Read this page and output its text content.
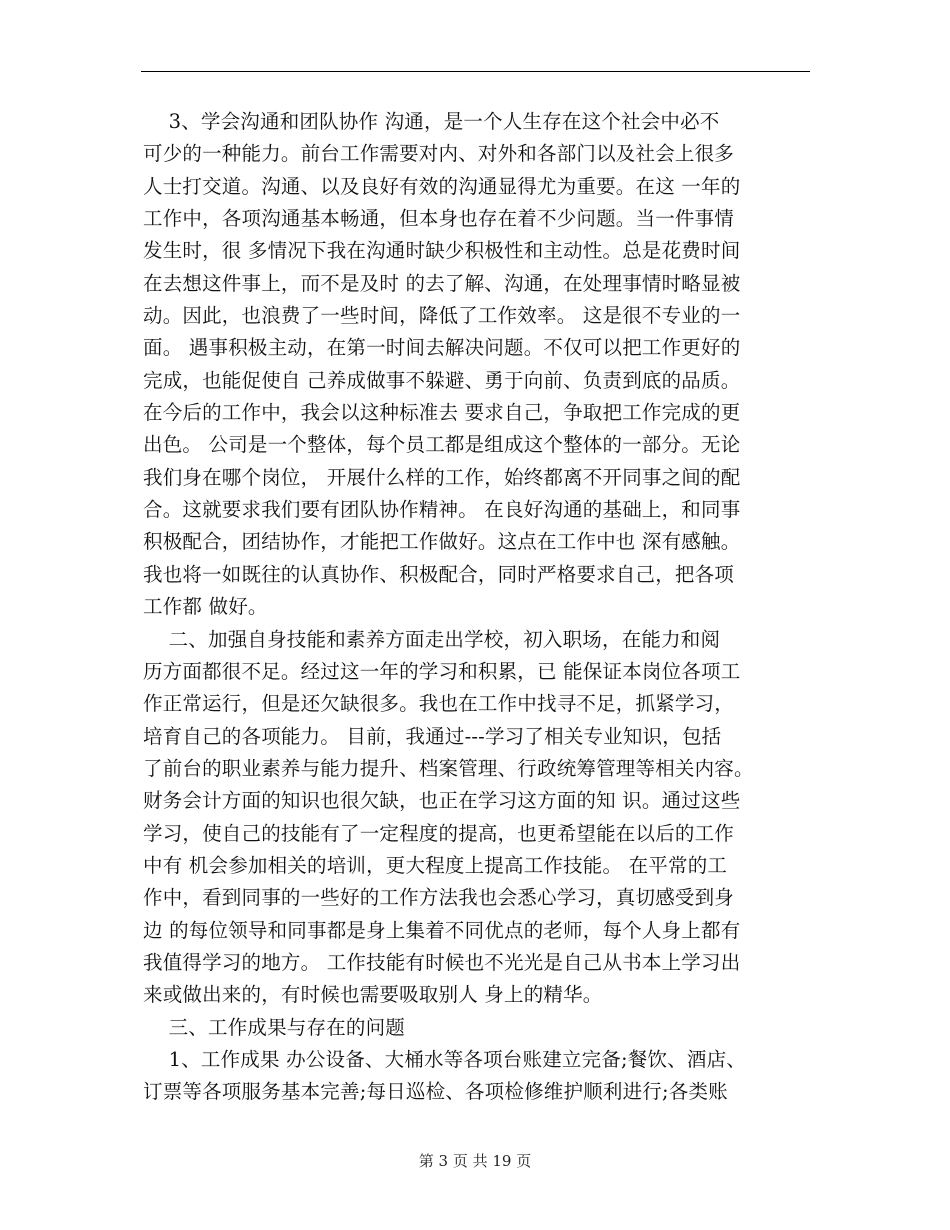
3、学会沟通和团队协作 沟通，是一个人生存在这个社会中必不
可少的一种能力。前台工作需要对内、对外和各部门以及社会上很多
人士打交道。沟通、以及良好有效的沟通显得尤为重要。在这 一年的
工作中，各项沟通基本畅通，但本身也存在着不少问题。当一件事情
发生时，很 多情况下我在沟通时缺少积极性和主动性。总是花费时间
在去想这件事上，而不是及时 的去了解、沟通，在处理事情时略显被
动。因此，也浪费了一些时间，降低了工作效率。 这是很不专业的一
面。 遇事积极主动，在第一时间去解决问题。不仅可以把工作更好的
完成，也能促使自 己养成做事不躲避、勇于向前、负责到底的品质。
在今后的工作中，我会以这种标准去 要求自己，争取把工作完成的更
出色。 公司是一个整体，每个员工都是组成这个整体的一部分。无论
我们身在哪个岗位， 开展什么样的工作，始终都离不开同事之间的配
合。这就要求我们要有团队协作精神。 在良好沟通的基础上，和同事
积极配合，团结协作，才能把工作做好。这点在工作中也 深有感触。
我也将一如既往的认真协作、积极配合，同时严格要求自己，把各项
工作都 做好。
二、加强自身技能和素养方面走出学校，初入职场，在能力和阅
历方面都很不足。经过这一年的学习和积累，已 能保证本岗位各项工
作正常运行，但是还欠缺很多。我也在工作中找寻不足，抓紧学习，
培育自己的各项能力。 目前，我通过---学习了相关专业知识，包括
了前台的职业素养与能力提升、档案管理、行政统筹管理等相关内容。
财务会计方面的知识也很欠缺，也正在学习这方面的知 识。通过这些
学习，使自己的技能有了一定程度的提高，也更希望能在以后的工作
中有 机会参加相关的培训，更大程度上提高工作技能。 在平常的工
作中，看到同事的一些好的工作方法我也会悉心学习，真切感受到身
边 的每位领导和同事都是身上集着不同优点的老师，每个人身上都有
我值得学习的地方。 工作技能有时候也不光光是自己从书本上学习出
来或做出来的，有时候也需要吸取别人 身上的精华。
三、工作成果与存在的问题
1、工作成果 办公设备、大桶水等各项台账建立完备;餐饮、酒店、
订票等各项服务基本完善;每日巡检、各项检修维护顺利进行;各类账
第 3 页 共 19 页
